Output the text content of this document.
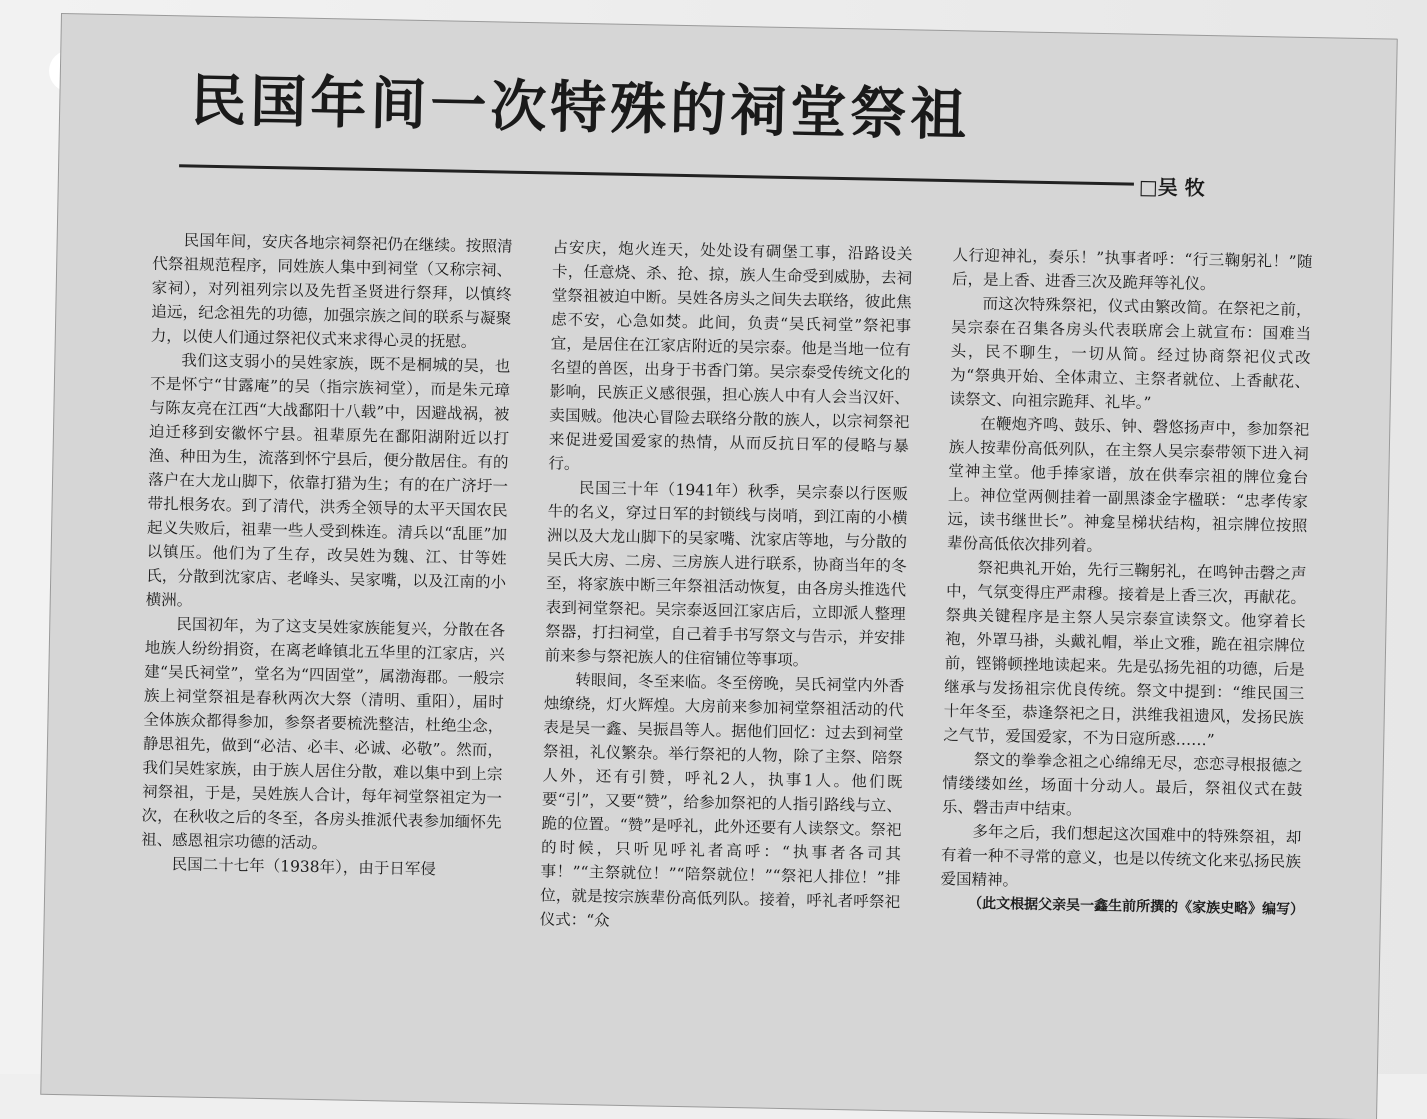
民国年间一次特殊的祠堂祭祖
□吴 牧

民国年间，安庆各地宗祠祭祀仍在继续。按照清代祭祖规范程序，同姓族人集中到祠堂（又称宗祠、家祠），对列祖列宗以及先哲圣贤进行祭拜，以慎终追远，纪念祖先的功德，加强宗族之间的联系与凝聚力，以使人们通过祭祀仪式来求得心灵的抚慰。

我们这支弱小的吴姓家族，既不是桐城的吴，也不是怀宁“甘露庵”的吴（指宗族祠堂），而是朱元璋与陈友亮在江西“大战鄱阳十八载”中，因避战祸，被迫迁移到安徽怀宁县。祖辈原先在鄱阳湖附近以打渔、种田为生，流落到怀宁县后，便分散居住。有的落户在大龙山脚下，依靠打猎为生；有的在广济圩一带扎根务农。到了清代，洪秀全领导的太平天国农民起义失败后，祖辈一些人受到株连。清兵以“乱匪”加以镇压。他们为了生存，改吴姓为魏、江、甘等姓氏，分散到沈家店、老峰头、吴家嘴，以及江南的小横洲。

民国初年，为了这支吴姓家族能复兴，分散在各地族人纷纷捐资，在离老峰镇北五华里的江家店，兴建“吴氏祠堂”，堂名为“四固堂”，属渤海郡。一般宗族上祠堂祭祖是春秋两次大祭（清明、重阳），届时全体族众都得参加，参祭者要梳洗整洁，杜绝尘念，静思祖先，做到“必洁、必丰、必诚、必敬”。然而，我们吴姓家族，由于族人居住分散，难以集中到上宗祠祭祖，于是，吴姓族人合计，每年祠堂祭祖定为一次，在秋收之后的冬至，各房头推派代表参加缅怀先祖、感恩祖宗功德的活动。

民国二十七年（1938年），由于日军侵

占安庆，炮火连天，处处设有碉堡工事，沿路设关卡，任意烧、杀、抢、掠，族人生命受到威胁，去祠堂祭祖被迫中断。吴姓各房头之间失去联络，彼此焦虑不安，心急如焚。此间，负责“吴氏祠堂”祭祀事宜，是居住在江家店附近的吴宗泰。他是当地一位有名望的兽医，出身于书香门第。吴宗泰受传统文化的影响，民族正义感很强，担心族人中有人会当汉奸、卖国贼。他决心冒险去联络分散的族人，以宗祠祭祀来促进爱国爱家的热情，从而反抗日军的侵略与暴行。

民国三十年（1941年）秋季，吴宗泰以行医贩牛的名义，穿过日军的封锁线与岗哨，到江南的小横洲以及大龙山脚下的吴家嘴、沈家店等地，与分散的吴氏大房、二房、三房族人进行联系，协商当年的冬至，将家族中断三年祭祖活动恢复，由各房头推选代表到祠堂祭祀。吴宗泰返回江家店后，立即派人整理祭器，打扫祠堂，自己着手书写祭文与告示，并安排前来参与祭祀族人的住宿铺位等事项。

转眼间，冬至来临。冬至傍晚，吴氏祠堂内外香烛缭绕，灯火辉煌。大房前来参加祠堂祭祖活动的代表是吴一鑫、吴振昌等人。据他们回忆：过去到祠堂祭祖，礼仪繁杂。举行祭祀的人物，除了主祭、陪祭人外，还有引赞，呼礼2人，执事1人。他们既要“引”，又要“赞”，给参加祭祀的人指引路线与立、跪的位置。“赞”是呼礼，此外还要有人读祭文。祭祀的时候，只听见呼礼者高呼：“执事者各司其事！”“主祭就位！”“陪祭就位！”“祭祀人排位！”排位，就是按宗族辈份高低列队。接着，呼礼者呼祭祀仪式：“众

人行迎神礼，奏乐！”执事者呼：“行三鞠躬礼！”随后，是上香、进香三次及跪拜等礼仪。

而这次特殊祭祀，仪式由繁改简。在祭祀之前，吴宗泰在召集各房头代表联席会上就宣布：国难当头，民不聊生，一切从简。经过协商祭祀仪式改为“祭典开始、全体肃立、主祭者就位、上香献花、读祭文、向祖宗跪拜、礼毕。”

在鞭炮齐鸣、鼓乐、钟、磬悠扬声中，参加祭祀族人按辈份高低列队，在主祭人吴宗泰带领下进入祠堂神主堂。他手捧家谱，放在供奉宗祖的牌位龛台上。神位堂两侧挂着一副黑漆金字楹联：“忠孝传家远，读书继世长”。神龛呈梯状结构，祖宗牌位按照辈份高低依次排列着。

祭祀典礼开始，先行三鞠躬礼，在鸣钟击磬之声中，气氛变得庄严肃穆。接着是上香三次，再献花。祭典关键程序是主祭人吴宗泰宣读祭文。他穿着长袍，外罩马褂，头戴礼帽，举止文雅，跪在祖宗牌位前，铿锵顿挫地读起来。先是弘扬先祖的功德，后是继承与发扬祖宗优良传统。祭文中提到：“维民国三十年冬至，恭逢祭祀之日，洪维我祖遗风，发扬民族之气节，爱国爱家，不为日寇所惑……”

祭文的拳拳念祖之心绵绵无尽，恋恋寻根报德之情缕缕如丝，场面十分动人。最后，祭祖仪式在鼓乐、磬击声中结束。

多年之后，我们想起这次国难中的特殊祭祖，却有着一种不寻常的意义，也是以传统文化来弘扬民族爱国精神。

（此文根据父亲吴一鑫生前所撰的《家族史略》编写）
